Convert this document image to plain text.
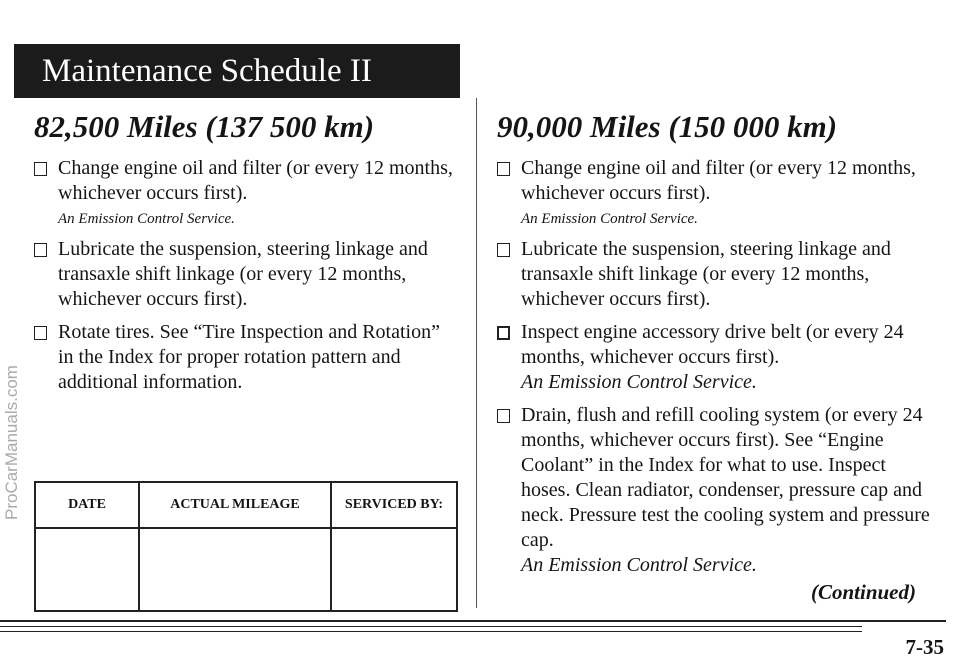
Maintenance Schedule II
ProCarManuals.com
82,500 Miles (137 500 km)
Change engine oil and filter (or every 12 months, whichever occurs first).
An Emission Control Service.
Lubricate the suspension, steering linkage and transaxle shift linkage (or every 12 months, whichever occurs first).
Rotate tires. See “Tire Inspection and Rotation” in the Index for proper rotation pattern and additional information.
90,000 Miles (150 000 km)
Change engine oil and filter (or every 12 months, whichever occurs first).
An Emission Control Service.
Lubricate the suspension, steering linkage and transaxle shift linkage (or every 12 months, whichever occurs first).
Inspect engine accessory drive belt (or every 24 months, whichever occurs first).
An Emission Control Service.
Drain, flush and refill cooling system (or every 24 months, whichever occurs first). See “Engine Coolant” in the Index for what to use. Inspect hoses. Clean radiator, condenser, pressure cap and neck. Pressure test the cooling system and pressure cap.
An Emission Control Service.
DATE	ACTUAL MILEAGE	SERVICED BY:

(Continued)
7-35
